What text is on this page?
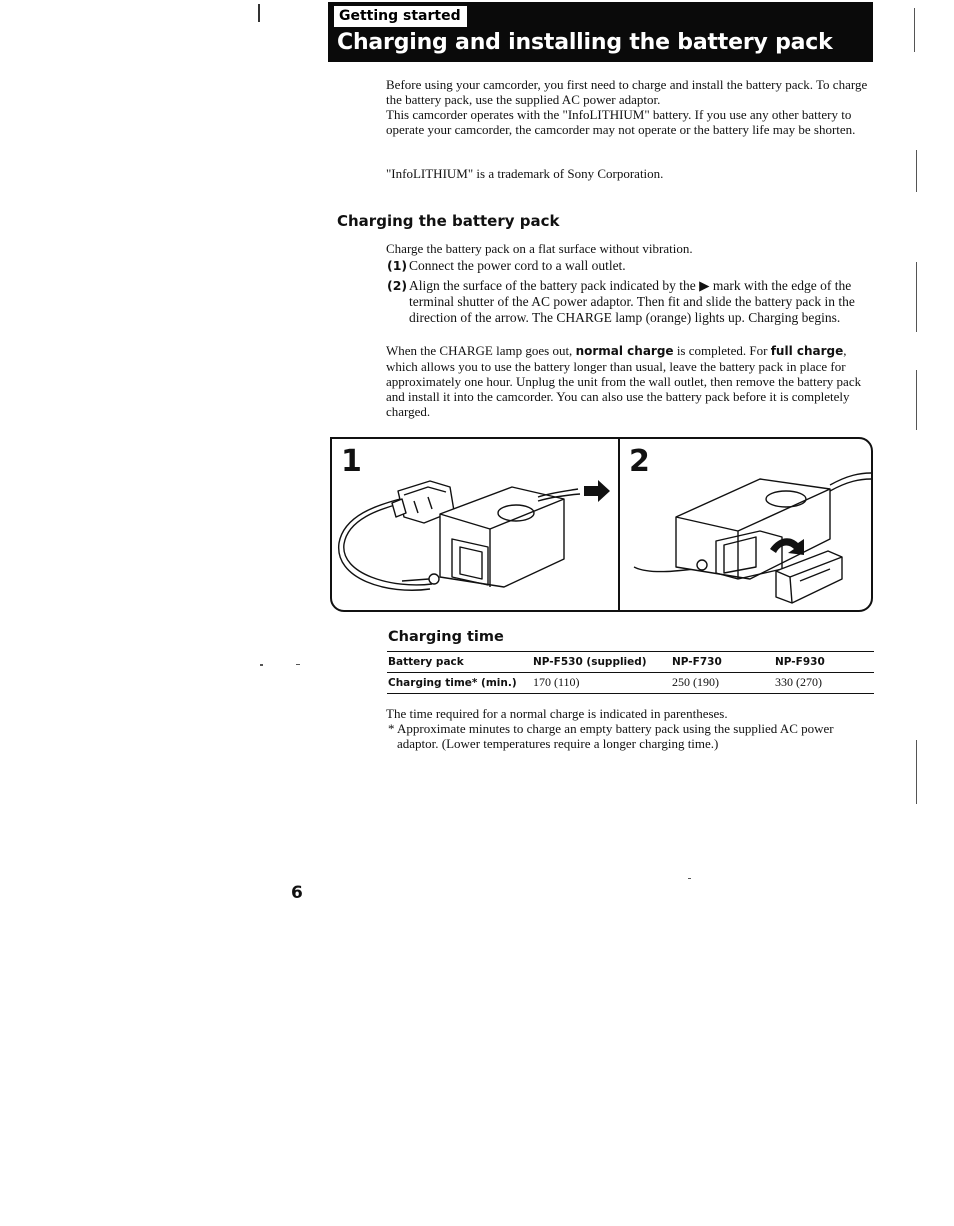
Getting started
Charging and installing the battery pack

Before using your camcorder, you first need to charge and install the battery pack. To charge the battery pack, use the supplied AC power adaptor.
This camcorder operates with the "InfoLITHIUM" battery. If you use any other battery to operate your camcorder, the camcorder may not operate or the battery life may be shorten.

"InfoLITHIUM" is a trademark of Sony Corporation.

Charging the battery pack

Charge the battery pack on a flat surface without vibration.

(1) Connect the power cord to a wall outlet.
(2) Align the surface of the battery pack indicated by the ▶ mark with the edge of the terminal shutter of the AC power adaptor. Then fit and slide the battery pack in the direction of the arrow. The CHARGE lamp (orange) lights up. Charging begins.

When the CHARGE lamp goes out, normal charge is completed. For full charge, which allows you to use the battery longer than usual, leave the battery pack in place for approximately one hour. Unplug the unit from the wall outlet, then remove the battery pack and install it into the camcorder. You can also use the battery pack before it is completely charged.

1	2
Charging time
Battery pack	NP-F530 (supplied)	NP-F730	NP-F930
Charging time* (min.)	170 (110)	250 (190)	330 (270)

The time required for a normal charge is indicated in parentheses.

* Approximate minutes to charge an empty battery pack using the supplied AC power adaptor. (Lower temperatures require a longer charging time.)

6
